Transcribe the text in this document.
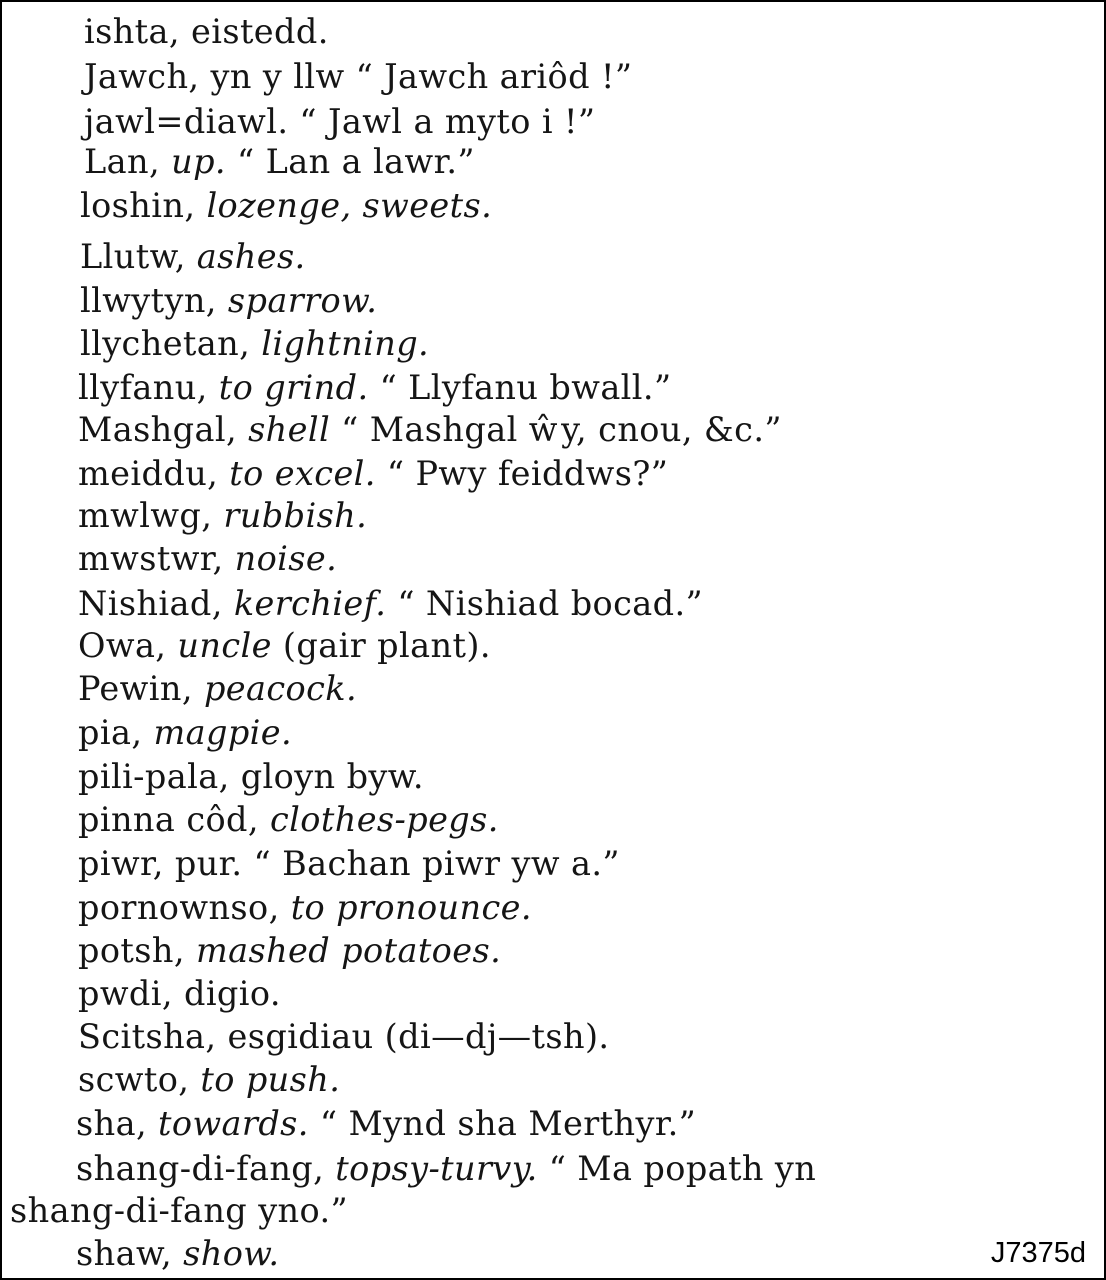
ishta, eistedd.
Jawch, yn y llw “ Jawch ariôd !”
jawl=diawl. “ Jawl a myto i !”
Lan, up. “ Lan a lawr.”
loshin, lozenge, sweets.
Llutw, ashes.
llwytyn, sparrow.
llychetan, lightning.
llyfanu, to grind. “ Llyfanu bwall.”
Mashgal, shell “ Mashgal ŵy, cnou, &c.”
meiddu, to excel. “ Pwy feiddws?”
mwlwg, rubbish.
mwstwr, noise.
Nishiad, kerchief. “ Nishiad bocad.”
Owa, uncle (gair plant).
Pewin, peacock.
pia, magpie.
pili-pala, gloyn byw.
pinna côd, clothes-pegs.
piwr, pur. “ Bachan piwr yw a.”
pornownso, to pronounce.
potsh, mashed potatoes.
pwdi, digio.
Scitsha, esgidiau (di—dj—tsh).
scwto, to push.
sha, towards. “ Mynd sha Merthyr.”
shang-di-fang, topsy-turvy. “ Ma popath yn
shang-di-fang yno.”
shaw, show.	J7375d
